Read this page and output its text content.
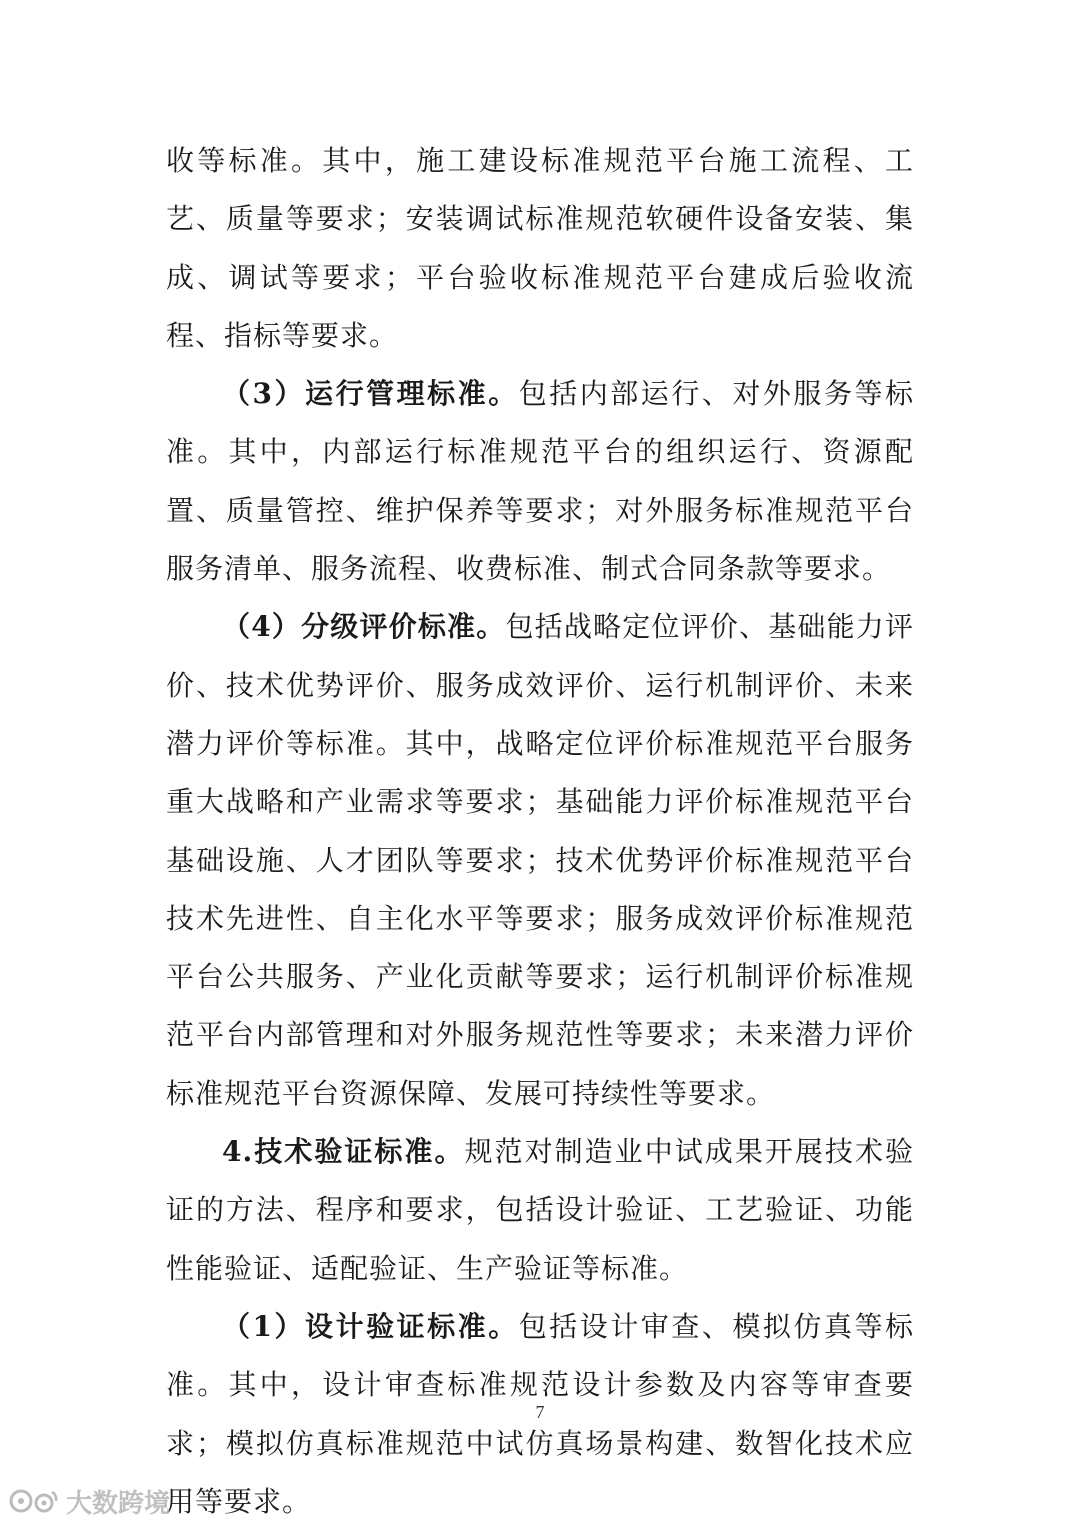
收等标准。其中，施工建设标准规范平台施工流程、工艺、质量等要求；安装调试标准规范软硬件设备安装、集成、调试等要求；平台验收标准规范平台建成后验收流程、指标等要求。

（3）运行管理标准。包括内部运行、对外服务等标准。其中，内部运行标准规范平台的组织运行、资源配置、质量管控、维护保养等要求；对外服务标准规范平台服务清单、服务流程、收费标准、制式合同条款等要求。

（4）分级评价标准。包括战略定位评价、基础能力评价、技术优势评价、服务成效评价、运行机制评价、未来潜力评价等标准。其中，战略定位评价标准规范平台服务重大战略和产业需求等要求；基础能力评价标准规范平台基础设施、人才团队等要求；技术优势评价标准规范平台技术先进性、自主化水平等要求；服务成效评价标准规范平台公共服务、产业化贡献等要求；运行机制评价标准规范平台内部管理和对外服务规范性等要求；未来潜力评价标准规范平台资源保障、发展可持续性等要求。

4.技术验证标准。规范对制造业中试成果开展技术验证的方法、程序和要求，包括设计验证、工艺验证、功能性能验证、适配验证、生产验证等标准。

（1）设计验证标准。包括设计审查、模拟仿真等标准。其中，设计审查标准规范设计参数及内容等审查要求；模拟仿真标准规范中试仿真场景构建、数智化技术应用等要求。

7
大数跨境
